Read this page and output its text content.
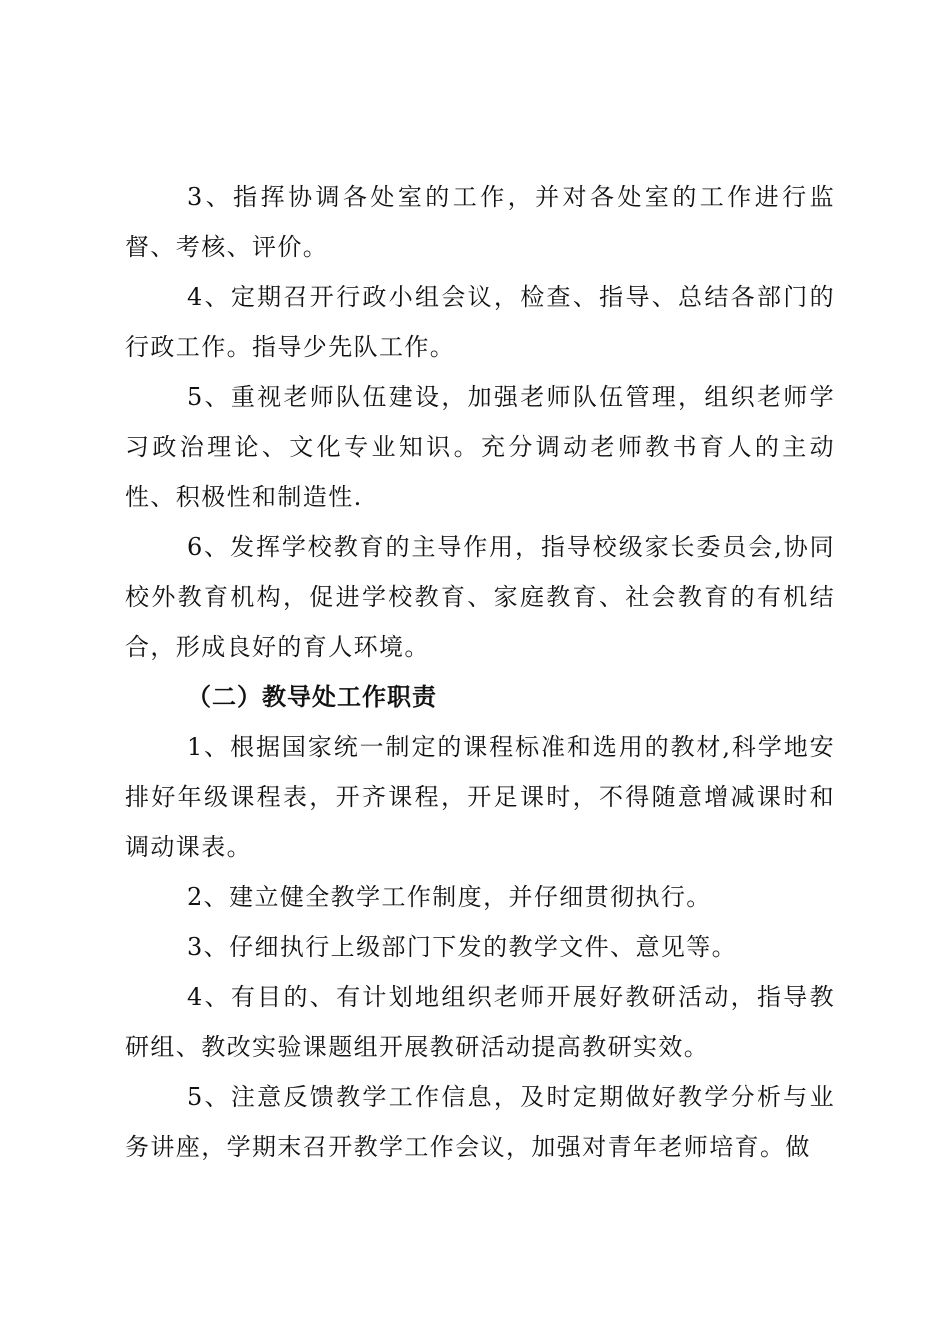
3、指挥协调各处室的工作，并对各处室的工作进行监督、考核、评价。

4、定期召开行政小组会议，检查、指导、总结各部门的行政工作。指导少先队工作。

5、重视老师队伍建设，加强老师队伍管理，组织老师学习政治理论、文化专业知识。充分调动老师教书育人的主动性、积极性和制造性.

6、发挥学校教育的主导作用，指导校级家长委员会,协同校外教育机构，促进学校教育、家庭教育、社会教育的有机结合，形成良好的育人环境。

（二）教导处工作职责

1、根据国家统一制定的课程标准和选用的教材,科学地安排好年级课程表，开齐课程，开足课时，不得随意增减课时和调动课表。

2、建立健全教学工作制度，并仔细贯彻执行。

3、仔细执行上级部门下发的教学文件、意见等。

4、有目的、有计划地组织老师开展好教研活动，指导教研组、教改实验课题组开展教研活动提高教研实效。

5、注意反馈教学工作信息，及时定期做好教学分析与业务讲座，学期末召开教学工作会议，加强对青年老师培育。做
